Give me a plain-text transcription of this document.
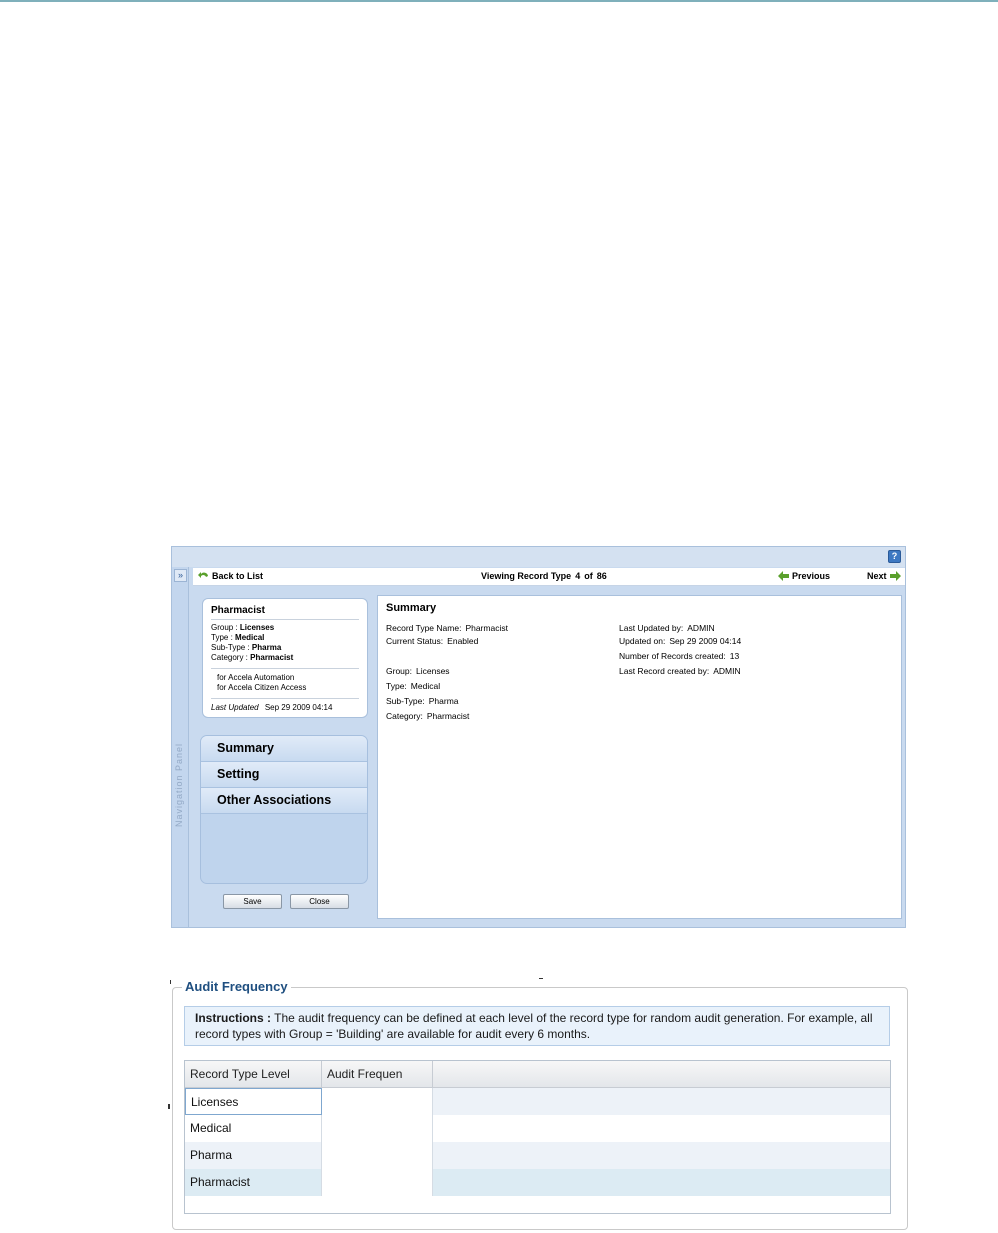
?
»
Navigation Panel
Back to List	Viewing Record Type 4 of 86	Previous	Next
Pharmacist
Group : Licenses
Type : Medical
Sub-Type : Pharma
Category : Pharmacist
for Accela Automation
for Accela Citizen Access
Last Updated Sep 29 2009 04:14
Summary
Setting
Other Associations
Save	Close
Summary
Record Type Name: Pharmacist
Current Status: Enabled
Group: Licenses
Type: Medical
Sub-Type: Pharma
Category: Pharmacist
Last Updated by: ADMIN
Updated on: Sep 29 2009 04:14
Number of Records created: 13
Last Record created by: ADMIN
Audit Frequency
Instructions : The audit frequency can be defined at each level of the record type for random audit generation. For example, all record types with Group = 'Building' are available for audit every 6 months.
Record Type Level	Audit Frequen
Licenses
Medical
Pharma
Pharmacist
